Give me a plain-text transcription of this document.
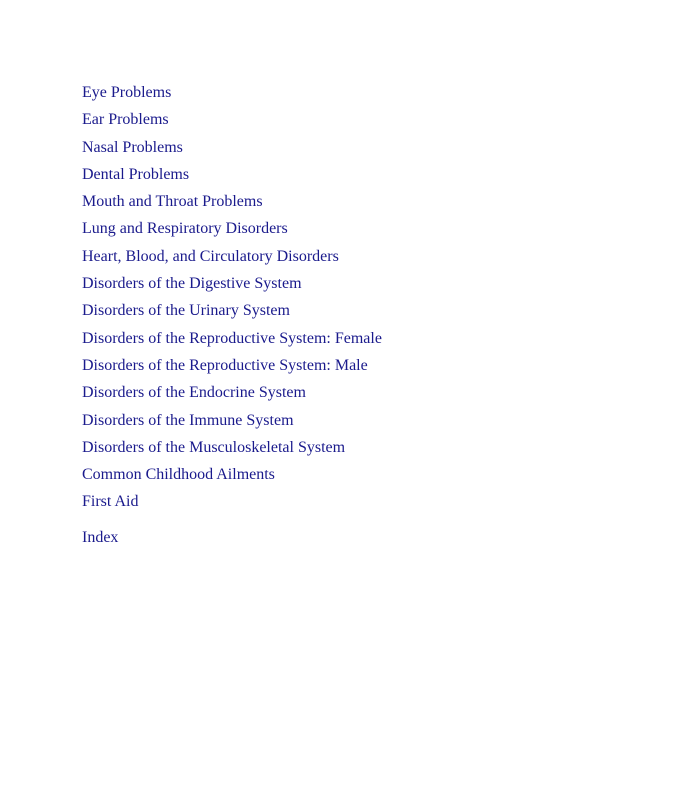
Eye Problems
Ear Problems
Nasal Problems
Dental Problems
Mouth and Throat Problems
Lung and Respiratory Disorders
Heart, Blood, and Circulatory Disorders
Disorders of the Digestive System
Disorders of the Urinary System
Disorders of the Reproductive System: Female
Disorders of the Reproductive System: Male
Disorders of the Endocrine System
Disorders of the Immune System
Disorders of the Musculoskeletal System
Common Childhood Ailments
First Aid
Index
